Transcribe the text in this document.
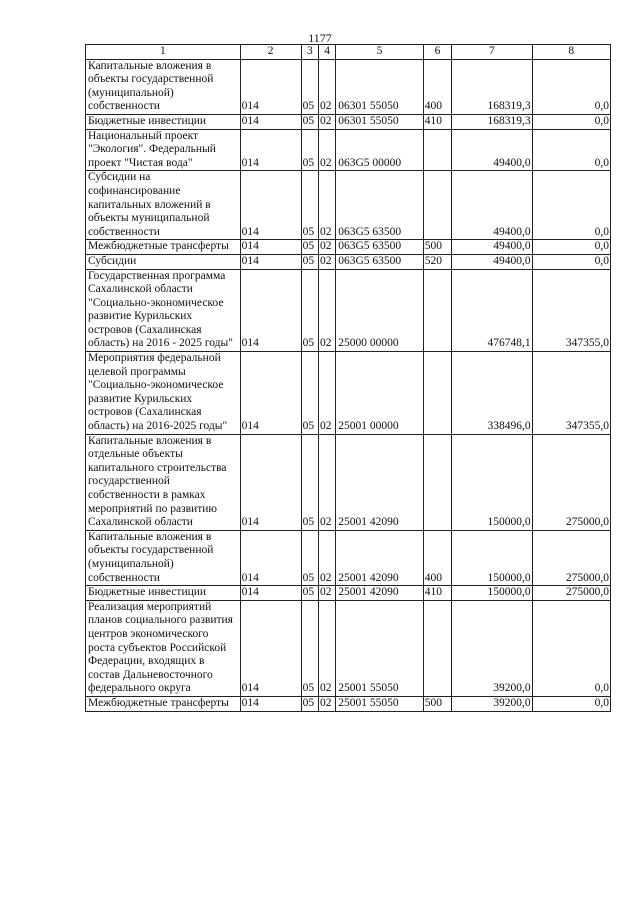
1177
1	2	3	4	5	6	7	8
Капитальные вложения в объекты государственной (муниципальной) собственности	014	05	02	06301 55050	400	168319,3	0,0
Бюджетные инвестиции	014	05	02	06301 55050	410	168319,3	0,0
Национальный проект "Экология". Федеральный проект "Чистая вода"	014	05	02	063G5 00000		49400,0	0,0
Субсидии на софинансирование капитальных вложений в объекты муниципальной собственности	014	05	02	063G5 63500		49400,0	0,0
Межбюджетные трансферты	014	05	02	063G5 63500	500	49400,0	0,0
Субсидии	014	05	02	063G5 63500	520	49400,0	0,0
Государственная программа Сахалинской области "Социально-экономическое развитие Курильских островов (Сахалинская область) на 2016 - 2025 годы"	014	05	02	25000 00000		476748,1	347355,0
Мероприятия федеральной целевой программы "Социально-экономическое развитие Курильских островов (Сахалинская область) на 2016-2025 годы"	014	05	02	25001 00000		338496,0	347355,0
Капитальные вложения в отдельные объекты капитального строительства государственной собственности в рамках мероприятий по развитию Сахалинской области	014	05	02	25001 42090		150000,0	275000,0
Капитальные вложения в объекты государственной (муниципальной) собственности	014	05	02	25001 42090	400	150000,0	275000,0
Бюджетные инвестиции	014	05	02	25001 42090	410	150000,0	275000,0
Реализация мероприятий планов социального развития центров экономического роста субъектов Российской Федерации, входящих в состав Дальневосточного федерального округа	014	05	02	25001 55050		39200,0	0,0
Межбюджетные трансферты	014	05	02	25001 55050	500	39200,0	0,0
